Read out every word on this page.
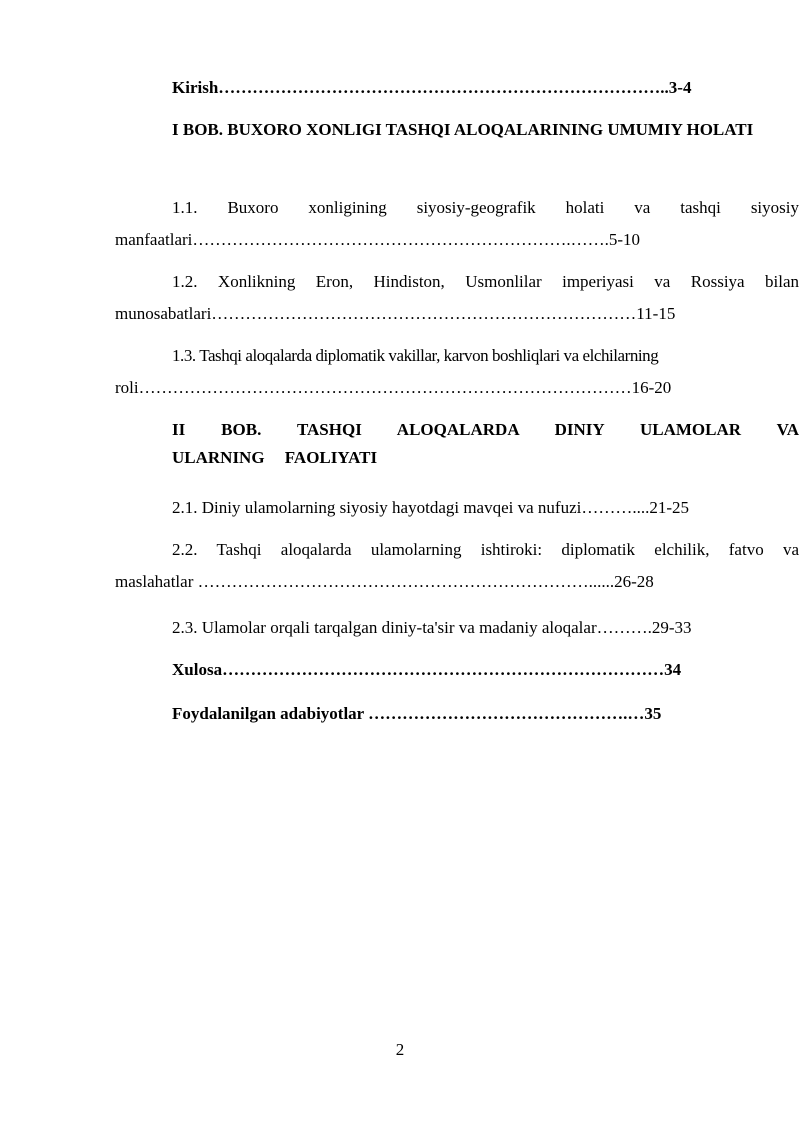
Kirish……………………………………………………………………..3-4
I BOB. BUXORO XONLIGI TASHQI ALOQALARINING UMUMIY HOLATI
1.1. Buxoro xonligining siyosiy-geografik holati va tashqi siyosiy
manfaatlari………………………………………………………….…….5-10
1.2. Xonlikning Eron, Hindiston, Usmonlilar imperiyasi va Rossiya bilan
munosabatlari…………………………………………………………………11-15
1.3. Tashqi aloqalarda diplomatik vakillar, karvon boshliqlari va elchilarning
roli……………………………………………………………………………16-20
II BOB. TASHQI ALOQALARDA DINIY ULAMOLAR VA ULARNING FAOLIYATI
2.1. Diniy ulamolarning siyosiy hayotdagi mavqei va nufuzi………....21-25
2.2. Tashqi aloqalarda ulamolarning ishtiroki: diplomatik elchilik, fatvo va
maslahatlar ……………………………………………………………......26-28
2.3. Ulamolar orqali tarqalgan diniy-ta'sir va madaniy aloqalar……….29-33
Xulosa……………………………………………………………………34
Foydalanilgan adabiyotlar ……………………………………….…35
2
